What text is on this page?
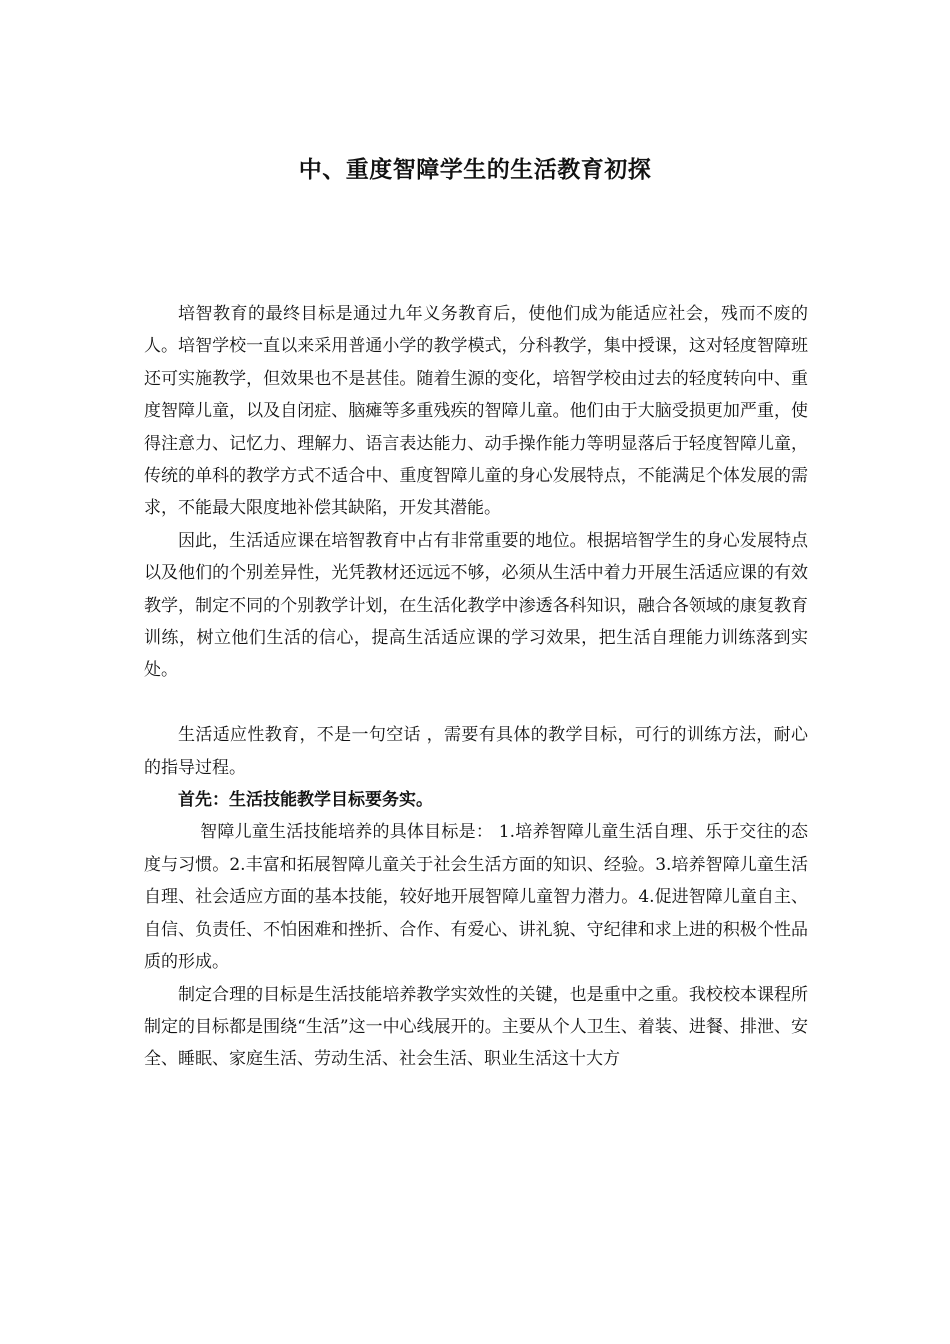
中、重度智障学生的生活教育初探

培智教育的最终目标是通过九年义务教育后，使他们成为能适应社会，残而不废的人。培智学校一直以来采用普通小学的教学模式，分科教学，集中授课，这对轻度智障班还可实施教学，但效果也不是甚佳。随着生源的变化，培智学校由过去的轻度转向中、重度智障儿童，以及自闭症、脑瘫等多重残疾的智障儿童。他们由于大脑受损更加严重，使得注意力、记忆力、理解力、语言表达能力、动手操作能力等明显落后于轻度智障儿童，传统的单科的教学方式不适合中、重度智障儿童的身心发展特点，不能满足个体发展的需求，不能最大限度地补偿其缺陷，开发其潜能。

因此，生活适应课在培智教育中占有非常重要的地位。根据培智学生的身心发展特点以及他们的个别差异性，光凭教材还远远不够，必须从生活中着力开展生活适应课的有效教学，制定不同的个别教学计划，在生活化教学中渗透各科知识，融合各领域的康复教育训练，树立他们生活的信心，提高生活适应课的学习效果，把生活自理能力训练落到实处。

生活适应性教育，不是一句空话 ，需要有具体的教学目标，可行的训练方法，耐心的指导过程。

首先：生活技能教学目标要务实。

智障儿童生活技能培养的具体目标是： 1.培养智障儿童生活自理、乐于交往的态度与习惯。2.丰富和拓展智障儿童关于社会生活方面的知识、经验。3.培养智障儿童生活自理、社会适应方面的基本技能，较好地开展智障儿童智力潜力。4.促进智障儿童自主、自信、负责任、不怕困难和挫折、合作、有爱心、讲礼貌、守纪律和求上进的积极个性品质的形成。

制定合理的目标是生活技能培养教学实效性的关键，也是重中之重。我校校本课程所制定的目标都是围绕“生活”这一中心线展开的。主要从个人卫生、着装、进餐、排泄、安全、睡眠、家庭生活、劳动生活、社会生活、职业生活这十大方
